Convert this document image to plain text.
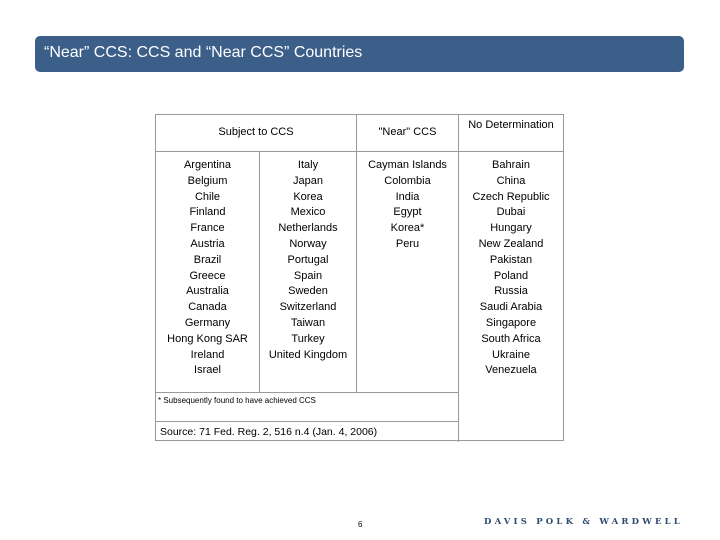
“Near” CCS: CCS and “Near CCS” Countries
Subject to CCS	"Near" CCS
No Determination
Argentina
Belgium
Chile
Finland
France
Austria
Brazil
Greece
Australia
Canada
Germany
Hong Kong SAR
Ireland
Israel
Italy
Japan
Korea
Mexico
Netherlands
Norway
Portugal
Spain
Sweden
Switzerland
Taiwan
Turkey
United Kingdom
Cayman Islands
Colombia
India
Egypt
Korea*
Peru
Bahrain
China
Czech Republic
Dubai
Hungary
New Zealand
Pakistan
Poland
Russia
Saudi Arabia
Singapore
South Africa
Ukraine
Venezuela
* Subsequently found to have achieved CCS
Source: 71 Fed. Reg. 2, 516 n.4 (Jan. 4, 2006)
6	DAVIS POLK & WARDWELL
